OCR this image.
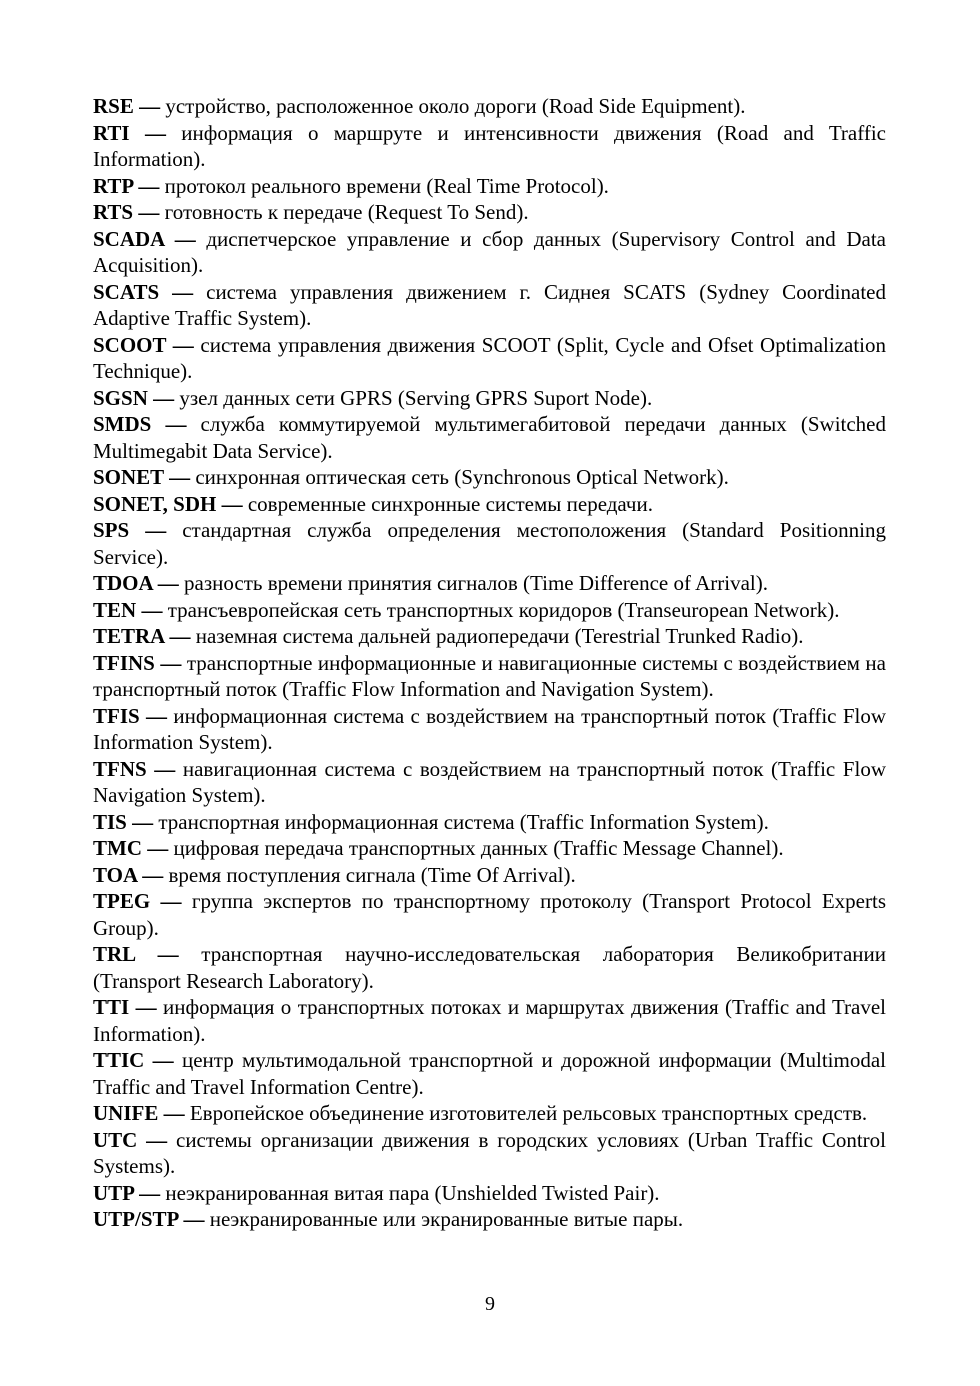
RSE — устройство, расположенное около дороги (Road Side Equipment).

RTI — информация о маршруте и интенсивности движения (Road and Traffic Information).

RTP — протокол реального времени (Real Time Protocol).

RTS — готовность к передаче (Request To Send).

SCADA — диспетчерское управление и сбор данных (Supervisory Control and Data Acquisition).

SCATS — система управления движением г. Сиднея SCATS (Sydney Coordinated Adaptive Traffic System).

SCOOT — система управления движения SCOOT (Split, Cycle and Ofset Optimalization Technique).

SGSN — узел данных сети GPRS (Serving GPRS Suport Node).

SMDS — служба коммутируемой мультимегабитовой передачи данных (Switched Multimegabit Data Service).

SONET — синхронная оптическая сеть (Synchronous Optical Network).

SONET, SDH — современные синхронные системы передачи.

SPS — стандартная служба определения местоположения (Standard Positionning Service).

TDOA — разность времени принятия сигналов (Time Difference of Arrival).

TEN — трансъевропейская сеть транспортных коридоров (Transeuropean Network).

TETRA — наземная система дальней радиопередачи (Terestrial Trunked Radio).

TFINS — транспортные информационные и навигационные системы с воздействием на транспортный поток (Traffic Flow Information and Navigation System).

TFIS — информационная система с воздействием на транспортный поток (Traffic Flow Information System).

TFNS — навигационная система с воздействием на транспортный поток (Traffic Flow Navigation System).

TIS — транспортная информационная система (Traffic Information System).

TMC — цифровая передача транспортных данных (Traffic Message Channel).

TOA — время поступления сигнала (Time Of Arrival).

TPEG — группа экспертов по транспортному протоколу (Transport Protocol Experts Group).

TRL — транспортная научно-исследовательская лаборатория Великобритании (Transport Research Laboratory).

TTI — информация о транспортных потоках и маршрутах движения (Traffic and Travel Information).

TTIC — центр мультимодальной транспортной и дорожной информации (Multimodal Traffic and Travel Information Centre).

UNIFE — Европейское объединение изготовителей рельсовых транспортных средств.

UTC — системы организации движения в городских условиях (Urban Traffic Control Systems).

UTP — неэкранированная витая пара (Unshielded Twisted Pair).

UTP/STP — неэкранированные или экранированные витые пары.

9
